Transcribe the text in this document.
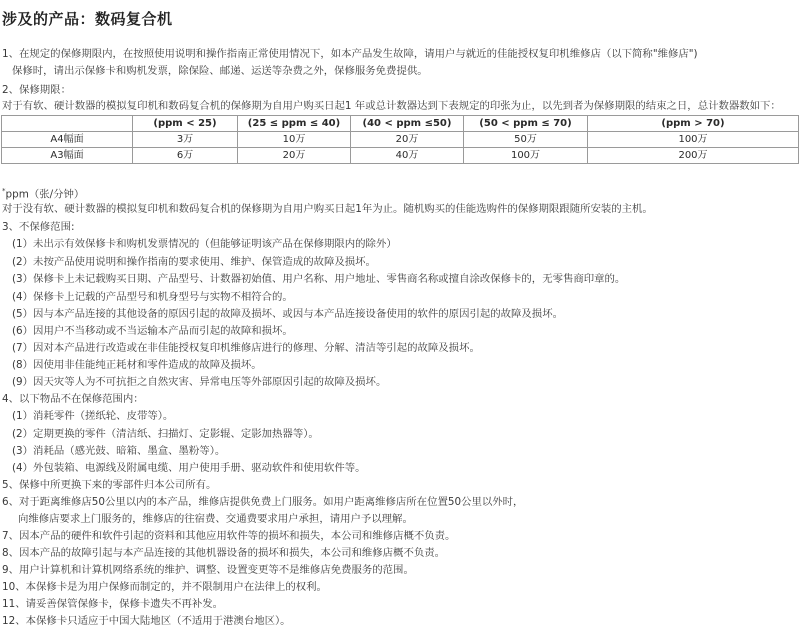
涉及的产品：数码复合机
1、在规定的保修期限内，在按照使用说明和操作指南正常使用情况下，如本产品发生故障，请用户与就近的佳能授权复印机维修店（以下简称"维修店")
保修时，请出示保修卡和购机发票，除保险、邮递、运送等杂费之外，保修服务免费提供。
2、保修期限：
对于有软、硬计数器的模拟复印机和数码复合机的保修期为自用户购买日起1 年或总计数器达到下表规定的印张为止，以先到者为保修期限的结束之日，总计数器数如下：
	(ppm < 25)	(25 ≤ ppm ≤ 40)	(40 < ppm ≤50)	(50 < ppm ≤ 70)	(ppm > 70)
A4幅面	3万	10万	20万	50万	100万
A3幅面	6万	20万	40万	100万	200万
*ppm（张/分钟）
对于没有软、硬计数器的模拟复印机和数码复合机的保修期为自用户购买日起1年为止。随机购买的佳能选购件的保修期限跟随所安装的主机。
3、不保修范围:
(1）未出示有效保修卡和购机发票情况的（但能够证明该产品在保修期限内的除外）
(2）未按产品使用说明和操作指南的要求使用、维护、保管造成的故障及损坏。
(3）保修卡上未记载购买日期、产品型号、计数器初始值、用户名称、用户地址、零售商名称或擅自涂改保修卡的，无零售商印章的。
(4）保修卡上记载的产品型号和机身型号与实物不相符合的。
(5）因与本产品连接的其他设备的原因引起的故障及损坏、或因与本产品连接设备使用的软件的原因引起的故障及损坏。
(6）因用户不当移动或不当运输本产品而引起的故障和损坏。
(7）因对本产品进行改造或在非佳能授权复印机维修店进行的修理、分解、清洁等引起的故障及损坏。
(8）因使用非佳能纯正耗材和零件造成的故障及损坏。
(9）因天灾等人为不可抗拒之自然灾害、异常电压等外部原因引起的故障及损坏。
4、以下物品不在保修范围内：
(1）消耗零件（搓纸轮、皮带等）。
(2）定期更换的零件（清洁纸、扫描灯、定影辊、定影加热器等）。
(3）消耗品（感光鼓、暗箱、墨盒、墨粉等）。
(4）外包装箱、电源线及附属电缆、用户使用手册、驱动软件和使用软件等。
5、保修中所更换下来的零部件归本公司所有。
6、对于距离维修店50公里以内的本产品，维修店提供免费上门服务。如用户距离维修店所在位置50公里以外时，
向维修店要求上门服务的，维修店的往宿费、交通费要求用户承担，请用户予以理解。
7、因本产品的硬件和软件引起的资料和其他应用软件等的损坏和损失，本公司和维修店概不负责。
8、因本产品的故障引起与本产品连接的其他机器设备的损坏和损失，本公司和维修店概不负责。
9、用户计算机和计算机网络系统的维护、调整、设置变更等不是维修店免费服务的范围。
10、本保修卡是为用户保修而制定的，并不限制用户在法律上的权利。
11、请妥善保管保修卡，保修卡遗失不再补发。
12、本保修卡只适应于中国大陆地区（不适用于港澳台地区）。
